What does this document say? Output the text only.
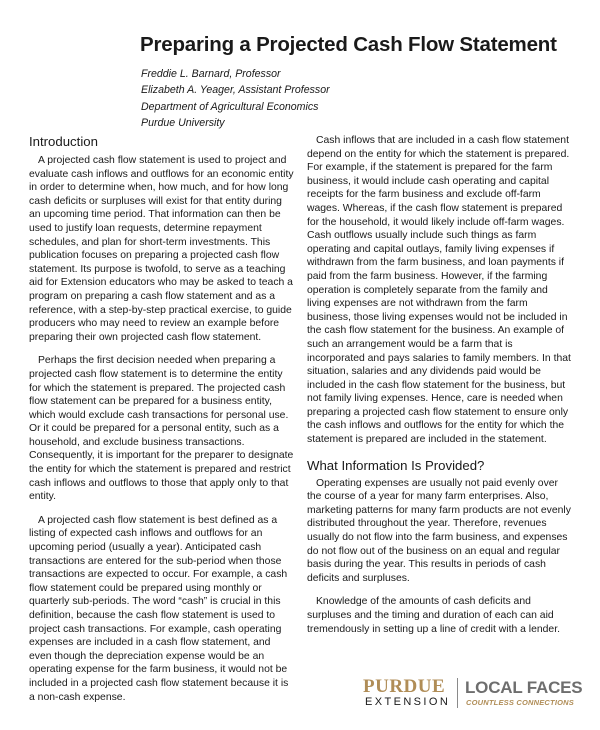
Preparing a Projected Cash Flow Statement
Freddie L. Barnard, Professor
Elizabeth A. Yeager, Assistant Professor
Department of Agricultural Economics
Purdue University
Introduction

A projected cash flow statement is used to project and evaluate cash inflows and outflows for an economic entity in order to determine when, how much, and for how long cash deficits or surpluses will exist for that entity during an upcoming time period. That information can then be used to justify loan requests, determine repayment schedules, and plan for short-term investments. This publication focuses on preparing a projected cash flow statement. Its purpose is twofold, to serve as a teaching aid for Extension educators who may be asked to teach a program on preparing a cash flow statement and as a reference, with a step-by-step practical exercise, to guide producers who may need to review an example before preparing their own projected cash flow statement.

Perhaps the first decision needed when preparing a projected cash flow statement is to determine the entity for which the statement is prepared. The projected cash flow statement can be prepared for a business entity, which would exclude cash transactions for personal use. Or it could be prepared for a personal entity, such as a household, and exclude business transactions. Consequently, it is important for the preparer to designate the entity for which the statement is prepared and restrict cash inflows and outflows to those that apply only to that entity.

A projected cash flow statement is best defined as a listing of expected cash inflows and outflows for an upcoming period (usually a year). Anticipated cash transactions are entered for the sub-period when those transactions are expected to occur. For example, a cash flow statement could be prepared using monthly or quarterly sub-periods. The word “cash” is crucial in this definition, because the cash flow statement is used to project cash transactions. For example, cash operating expenses are included in a cash flow statement, and even though the depreciation expense would be an operating expense for the farm business, it would not be included in a projected cash flow statement because it is a non-cash expense.

Cash inflows that are included in a cash flow statement depend on the entity for which the statement is prepared. For example, if the statement is prepared for the farm business, it would include cash operating and capital receipts for the farm business and exclude off-farm wages. Whereas, if the cash flow statement is prepared for the household, it would likely include off-farm wages. Cash outflows usually include such things as farm operating and capital outlays, family living expenses if withdrawn from the farm business, and loan payments if paid from the farm business. However, if the farming operation is completely separate from the family and living expenses are not withdrawn from the farm business, those living expenses would not be included in the cash flow statement for the business. An example of such an arrangement would be a farm that is incorporated and pays salaries to family members. In that situation, salaries and any dividends paid would be included in the cash flow statement for the business, but not family living expenses. Hence, care is needed when preparing a projected cash flow statement to ensure only the cash inflows and outflows for the entity for which the statement is prepared are included in the statement.

What Information Is Provided?

Operating expenses are usually not paid evenly over the course of a year for many farm enterprises. Also, marketing patterns for many farm products are not evenly distributed throughout the year. Therefore, revenues usually do not flow into the farm business, and expenses do not flow out of the business on an equal and regular basis during the year. This results in periods of cash deficits and surpluses.

Knowledge of the amounts of cash deficits and surpluses and the timing and duration of each can aid tremendously in setting up a line of credit with a lender.

PURDUE
EXTENSION
LOCAL FACES
COUNTLESS CONNECTIONS
